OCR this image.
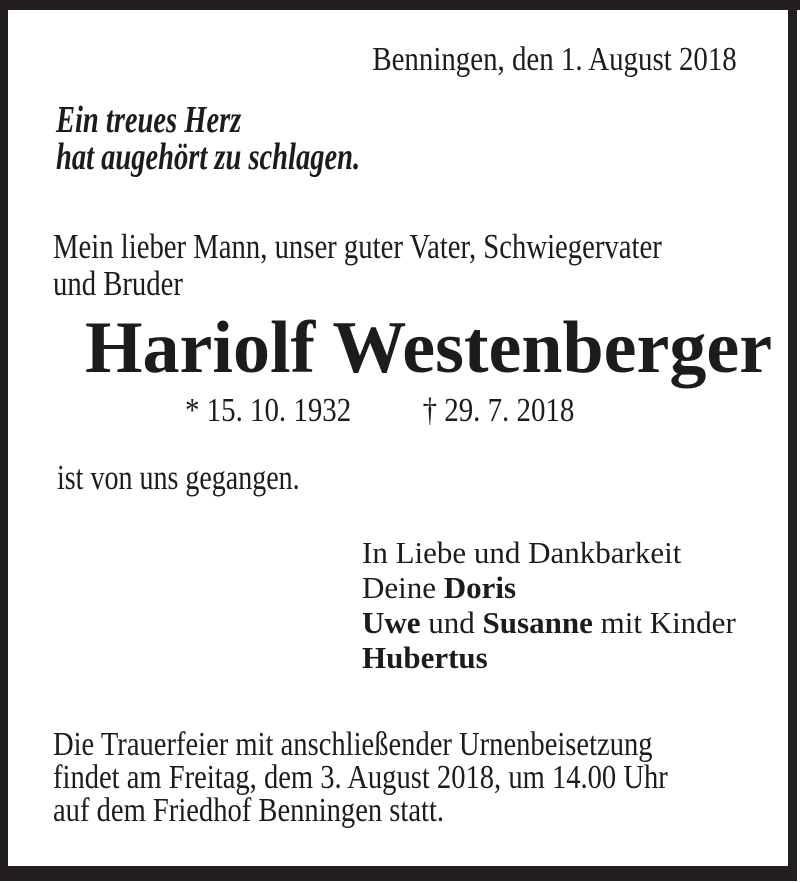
Benningen, den 1. August 2018
Ein treues Herz
hat augehört zu schlagen.
Mein lieber Mann, unser guter Vater, Schwiegervater
und Bruder
Hariolf Westenberger
* 15. 10. 1932 † 29. 7. 2018
ist von uns gegangen.
In Liebe und Dankbarkeit
Deine Doris
Uwe und Susanne mit Kinder
Hubertus
Die Trauerfeier mit anschließender Urnenbeisetzung
findet am Freitag, dem 3. August 2018, um 14.00 Uhr
auf dem Friedhof Benningen statt.
